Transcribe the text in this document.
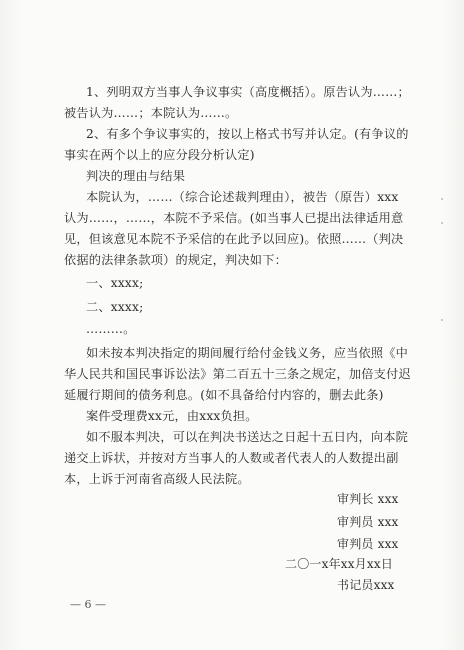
1、列明双方当事人争议事实（高度概括）。原告认为……；
被告认为……；本院认为……。
2、有多个争议事实的，按以上格式书写并认定。(有争议的
事实在两个以上的应分段分析认定)
判决的理由与结果
本院认为，……（综合论述裁判理由），被告（原告）xxx
认为……，……，本院不予采信。(如当事人已提出法律适用意
见，但该意见本院不予采信的在此予以回应)。依照……（判决
依据的法律条款项）的规定，判决如下：
一、xxxx;
二、xxxx;
………。
如未按本判决指定的期间履行给付金钱义务，应当依照《中
华人民共和国民事诉讼法》第二百五十三条之规定，加倍支付迟
延履行期间的债务利息。(如不具备给付内容的，删去此条)
案件受理费xx元，由xxx负担。
如不服本判决，可以在判决书送达之日起十五日内，向本院
递交上诉状，并按对方当事人的人数或者代表人的人数提出副
本，上诉于河南省高级人民法院。
审判长 xxx
审判员 xxx
审判员 xxx
二〇一x年xx月xx日
书记员xxx
— 6 —
